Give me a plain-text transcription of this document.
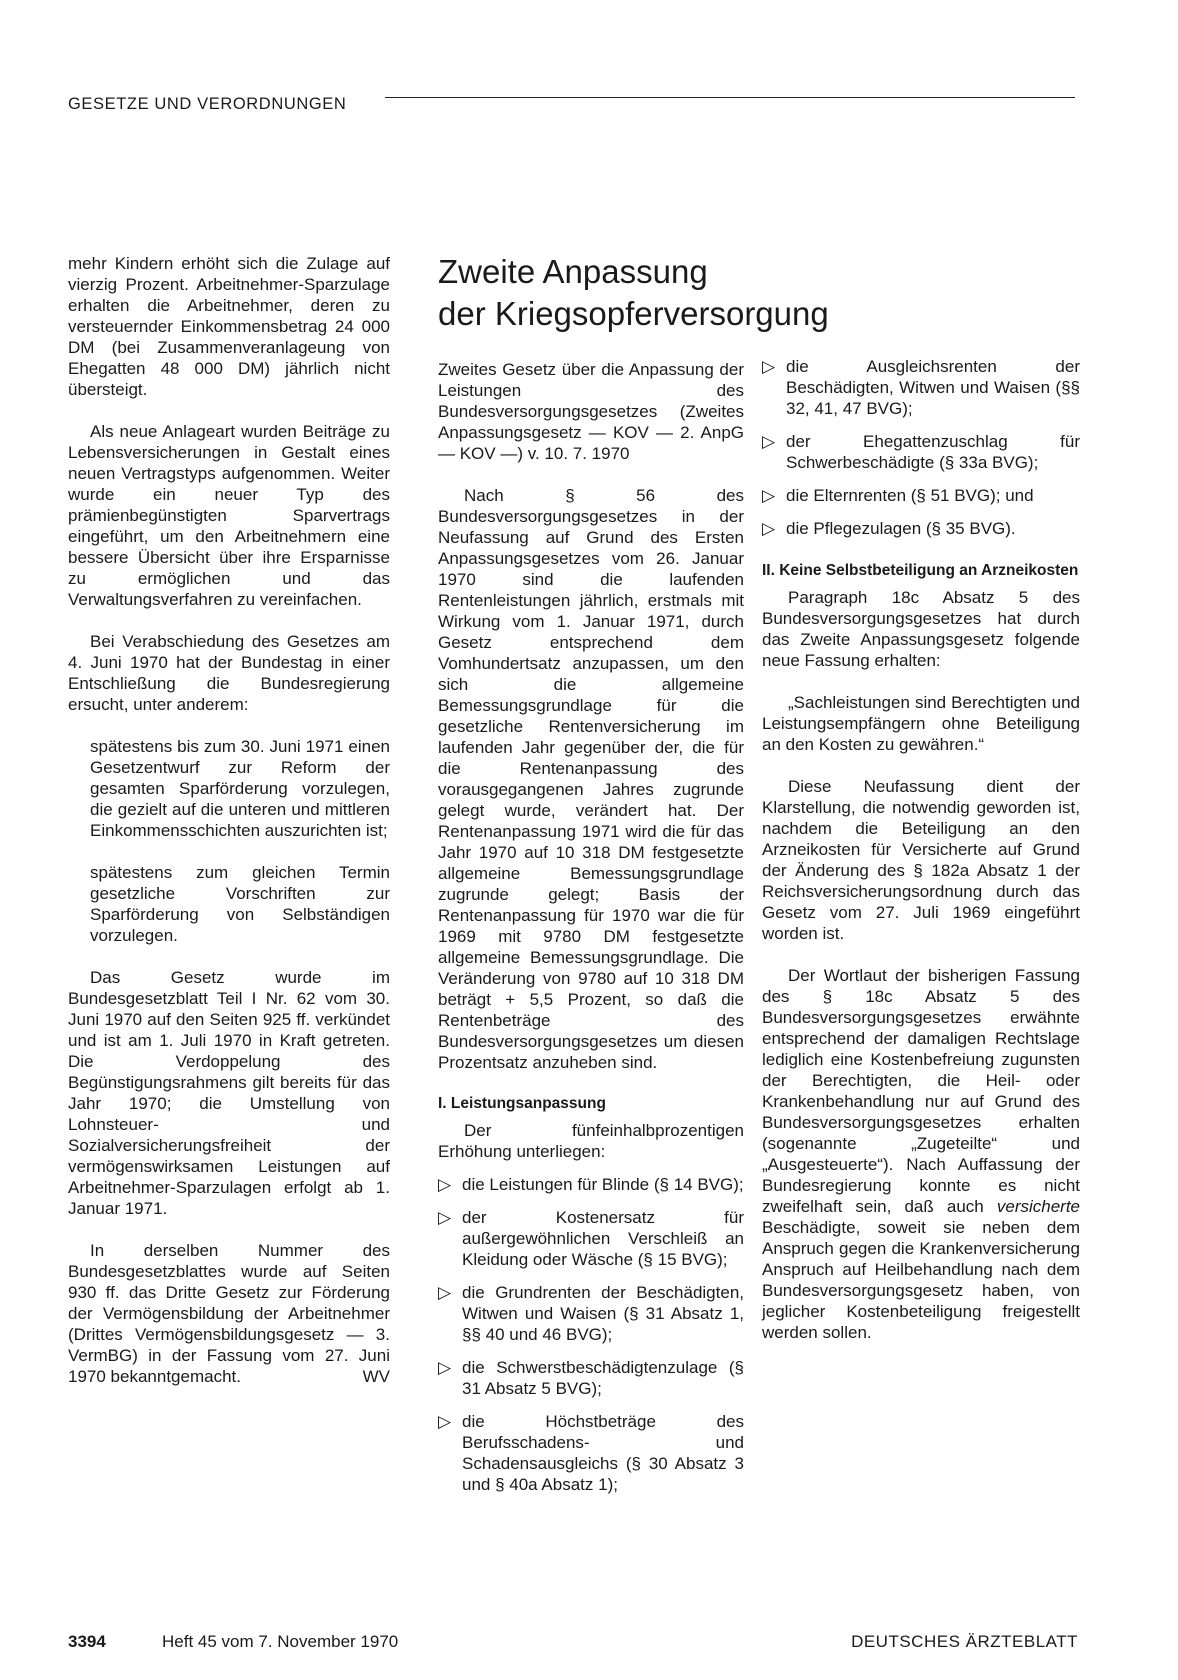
GESETZE UND VERORDNUNGEN

mehr Kindern erhöht sich die Zulage auf vierzig Prozent. Arbeitnehmer-Sparzulage erhalten die Arbeitnehmer, deren zu versteuernder Einkommensbetrag 24 000 DM (bei Zusammenveranlageung von Ehegatten 48 000 DM) jährlich nicht übersteigt.

Als neue Anlageart wurden Beiträge zu Lebensversicherungen in Gestalt eines neuen Vertragstyps aufgenommen. Weiter wurde ein neuer Typ des prämienbegünstigten Sparvertrags eingeführt, um den Arbeitnehmern eine bessere Übersicht über ihre Ersparnisse zu ermöglichen und das Verwaltungsverfahren zu vereinfachen.

Bei Verabschiedung des Gesetzes am 4. Juni 1970 hat der Bundestag in einer Entschließung die Bundesregierung ersucht, unter anderem:

spätestens bis zum 30. Juni 1971 einen Gesetzentwurf zur Reform der gesamten Sparförderung vorzulegen, die gezielt auf die unteren und mittleren Einkommensschichten auszurichten ist;

spätestens zum gleichen Termin gesetzliche Vorschriften zur Sparförderung von Selbständigen vorzulegen.

Das Gesetz wurde im Bundesgesetzblatt Teil I Nr. 62 vom 30. Juni 1970 auf den Seiten 925 ff. verkündet und ist am 1. Juli 1970 in Kraft getreten. Die Verdoppelung des Begünstigungsrahmens gilt bereits für das Jahr 1970; die Umstellung von Lohnsteuer- und Sozialversicherungsfreiheit der vermögenswirksamen Leistungen auf Arbeitnehmer-Sparzulagen erfolgt ab 1. Januar 1971.

In derselben Nummer des Bundesgesetzblattes wurde auf Seiten 930 ff. das Dritte Gesetz zur Förderung der Vermögensbildung der Arbeitnehmer (Drittes Vermögensbildungsgesetz — 3. VermBG) in der Fassung vom 27. Juni 1970 bekanntgemacht.	WV

Zweite Anpassung
der Kriegsopferversorgung

Zweites Gesetz über die Anpassung der Leistungen des Bundesversorgungsgesetzes (Zweites Anpassungsgesetz — KOV — 2. AnpG — KOV —) v. 10. 7. 1970

Nach § 56 des Bundesversorgungsgesetzes in der Neufassung auf Grund des Ersten Anpassungsgesetzes vom 26. Januar 1970 sind die laufenden Rentenleistungen jährlich, erstmals mit Wirkung vom 1. Januar 1971, durch Gesetz entsprechend dem Vomhundertsatz anzupassen, um den sich die allgemeine Bemessungsgrundlage für die gesetzliche Rentenversicherung im laufenden Jahr gegenüber der, die für die Rentenanpassung des vorausgegangenen Jahres zugrunde gelegt wurde, verändert hat. Der Rentenanpassung 1971 wird die für das Jahr 1970 auf 10 318 DM festgesetzte allgemeine Bemessungsgrundlage zugrunde gelegt; Basis der Rentenanpassung für 1970 war die für 1969 mit 9780 DM festgesetzte allgemeine Bemessungsgrundlage. Die Veränderung von 9780 auf 10 318 DM beträgt + 5,5 Prozent, so daß die Rentenbeträge des Bundesversorgungsgesetzes um diesen Prozentsatz anzuheben sind.

I. Leistungsanpassung

Der fünfeinhalbprozentigen Erhöhung unterliegen:

▷ die Leistungen für Blinde (§ 14 BVG);
▷ der Kostenersatz für außergewöhnlichen Verschleiß an Kleidung oder Wäsche (§ 15 BVG);
▷ die Grundrenten der Beschädigten, Witwen und Waisen (§ 31 Absatz 1, §§ 40 und 46 BVG);
▷ die Schwerstbeschädigtenzulage (§ 31 Absatz 5 BVG);
▷ die Höchstbeträge des Berufsschadens- und Schadensausgleichs (§ 30 Absatz 3 und § 40a Absatz 1);
▷ die Ausgleichsrenten der Beschädigten, Witwen und Waisen (§§ 32, 41, 47 BVG);
▷ der Ehegattenzuschlag für Schwerbeschädigte (§ 33a BVG);
▷ die Elternrenten (§ 51 BVG); und
▷ die Pflegezulagen (§ 35 BVG).
II. Keine Selbstbeteiligung an Arzneikosten

Paragraph 18c Absatz 5 des Bundesversorgungsgesetzes hat durch das Zweite Anpassungsgesetz folgende neue Fassung erhalten:

„Sachleistungen sind Berechtigten und Leistungsempfängern ohne Beteiligung an den Kosten zu gewähren.“

Diese Neufassung dient der Klarstellung, die notwendig geworden ist, nachdem die Beteiligung an den Arzneikosten für Versicherte auf Grund der Änderung des § 182a Absatz 1 der Reichsversicherungsordnung durch das Gesetz vom 27. Juli 1969 eingeführt worden ist.

Der Wortlaut der bisherigen Fassung des § 18c Absatz 5 des Bundesversorgungsgesetzes erwähnte entsprechend der damaligen Rechtslage lediglich eine Kostenbefreiung zugunsten der Berechtigten, die Heil- oder Krankenbehandlung nur auf Grund des Bundesversorgungsgesetzes erhalten (sogenannte „Zugeteilte“ und „Ausgesteuerte“). Nach Auffassung der Bundesregierung konnte es nicht zweifelhaft sein, daß auch versicherte Beschädigte, soweit sie neben dem Anspruch gegen die Krankenversicherung Anspruch auf Heilbehandlung nach dem Bundesversorgungsgesetz haben, von jeglicher Kostenbeteiligung freigestellt werden sollen.

3394	Heft 45 vom 7. November 1970	DEUTSCHES ÄRZTEBLATT
